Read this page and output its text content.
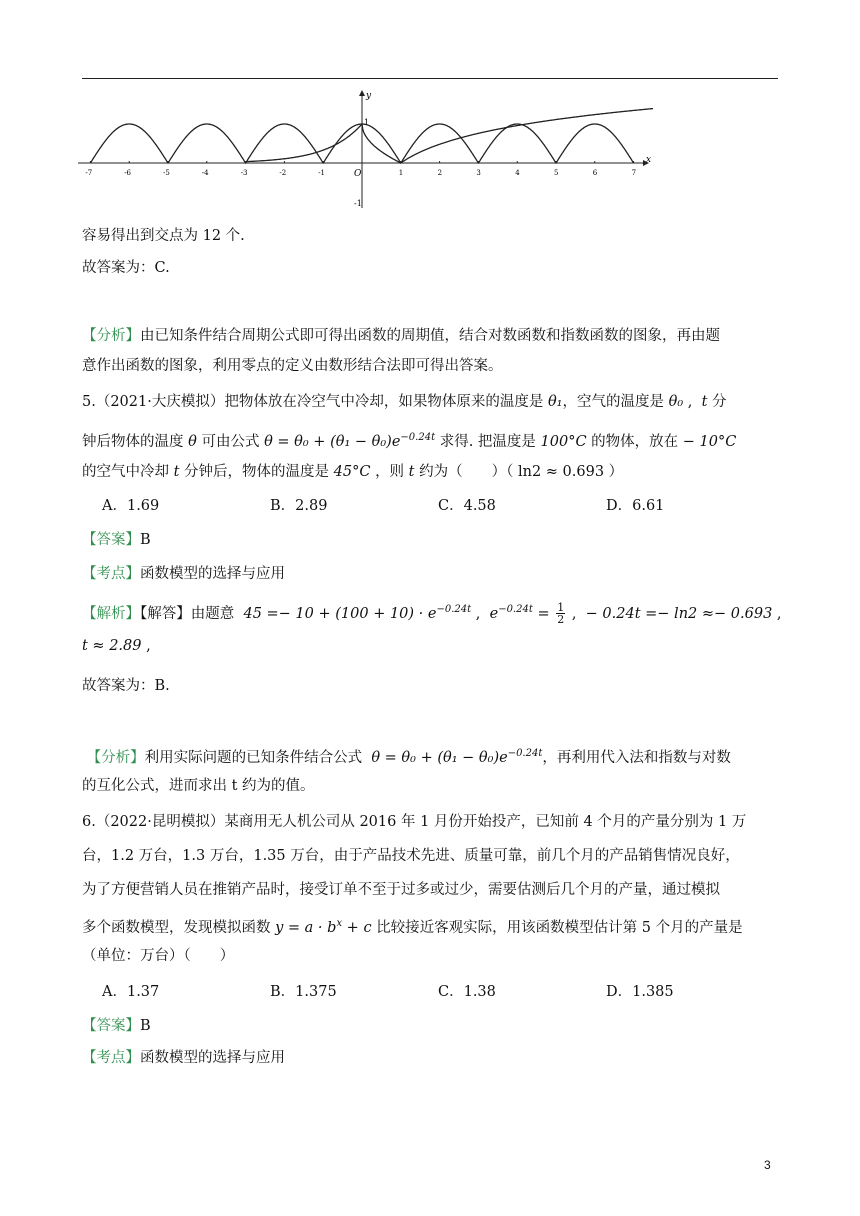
x
y
O
1
-1
-7	-6	-5	-4	-3	-2	-1	1	2	3	4	5	6	7
容易得出到交点为 12 个.
故答案为：C.
【分析】由已知条件结合周期公式即可得出函数的周期值，结合对数函数和指数函数的图象，再由题
意作出函数的图象，利用零点的定义由数形结合法即可得出答案。
5.（2021·大庆模拟）把物体放在冷空气中冷却，如果物体原来的温度是 θ₁，空气的温度是 θ₀ ,  t 分
钟后物体的温度 θ 可由公式 $\theta = \theta_0 + (\theta_1 - \theta_0)e^{-0.24t}$ 求得. 把温度是 100°C 的物体，放在 − 10°C
的空气中冷却 t 分钟后，物体的温度是 45°C ，则 t 约为（　　）（ ln2 ≈ 0.693 ）
A．1.69	B．2.89	C．4.58	D．6.61
【答案】B
【考点】函数模型的选择与应用
【解析】【解答】由题意 $45 =- 10 + (100 + 10) \cdot e^{-0.24t}$ ,  $e^{-0.24t} = \frac{1}{2}$ ,  − 0.24t =− ln2 ≈− 0.693 ,
t ≈ 2.89 ,
故答案为：B.
【分析】利用实际问题的已知条件结合公式 $\theta = \theta_0 + (\theta_1 - \theta_0)e^{-0.24t}$，再利用代入法和指数与对数
的互化公式，进而求出 t 约为的值。
6.（2022·昆明模拟）某商用无人机公司从 2016 年 1 月份开始投产，已知前 4 个月的产量分别为 1 万
台，1.2 万台，1.3 万台，1.35 万台，由于产品技术先进、质量可靠，前几个月的产品销售情况良好，
为了方便营销人员在推销产品时，接受订单不至于过多或过少，需要估测后几个月的产量，通过模拟
多个函数模型，发现模拟函数 $y = a \cdot b^x + c$ 比较接近客观实际，用该函数模型估计第 5 个月的产量是
（单位：万台）（　　）
A．1.37	B．1.375	C．1.38	D．1.385
【答案】B
【考点】函数模型的选择与应用
3
